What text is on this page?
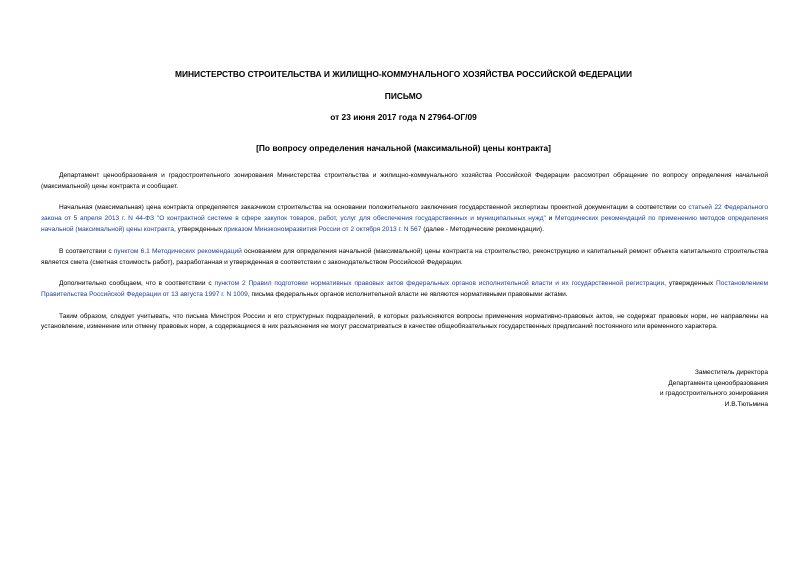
МИНИСТЕРСТВО СТРОИТЕЛЬСТВА И ЖИЛИЩНО-КОММУНАЛЬНОГО ХОЗЯЙСТВА РОССИЙСКОЙ ФЕДЕРАЦИИ
ПИСЬМО
от 23 июня 2017 года N 27964-ОГ/09
[По вопросу определения начальной (максимальной) цены контракта]

Департамент ценообразования и градостроительного зонирования Министерства строительства и жилищно-коммунального хозяйства Российской Федерации рассмотрел обращение по вопросу определения начальной (максимальной) цены контракта и сообщает.

Начальная (максимальная) цена контракта определяется заказчиком строительства на основании положительного заключения государственной экспертизы проектной документации в соответствии со статьей 22 Федерального закона от 5 апреля 2013 г. N 44-ФЗ "О контрактной системе в сфере закупок товаров, работ, услуг для обеспечения государственных и муниципальных нужд" и Методических рекомендаций по применению методов определения начальной (максимальной) цены контракта, утвержденных приказом Минэкономразвития России от 2 октября 2013 г. N 567 (далее - Методические рекомендации).

В соответствии с пунктом 6.1 Методических рекомендаций основанием для определения начальной (максимальной) цены контракта на строительство, реконструкцию и капитальный ремонт объекта капитального строительства является смета (сметная стоимость работ), разработанная и утвержденная в соответствии с законодательством Российской Федерации.

Дополнительно сообщаем, что в соответствии с пунктом 2 Правил подготовки нормативных правовых актов федеральных органов исполнительной власти и их государственной регистрации, утвержденных Постановлением Правительства Российской Федерации от 13 августа 1997 г. N 1009, письма федеральных органов исполнительной власти не являются нормативными правовыми актами.

Таким образом, следует учитывать, что письма Минстроя России и его структурных подразделений, в которых разъясняются вопросы применения нормативно-правовых актов, не содержат правовых норм, не направлены на установление, изменение или отмену правовых норм, а содержащиеся в них разъяснения не могут рассматриваться в качестве общеобязательных государственных предписаний постоянного или временного характера.

Заместитель директора
Департамента ценообразования
и градостроительного зонирования
И.В.Тютьмина
